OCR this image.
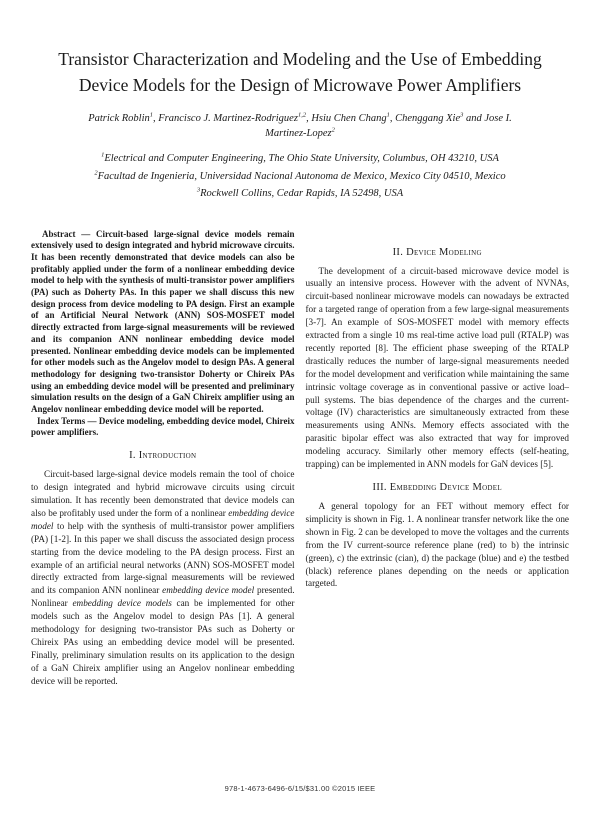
Transistor Characterization and Modeling and the Use of Embedding Device Models for the Design of Microwave Power Amplifiers
Patrick Roblin$^1$, Francisco J. Martinez-Rodriguez$^{1,2}$, Hsiu Chen Chang$^1$, Chenggang Xie$^3$ and Jose I. Martinez-Lopez$^2$
$^1$Electrical and Computer Engineering, The Ohio State University, Columbus, OH 43210, USA
$^2$Facultad de Ingenieria, Universidad Nacional Autonoma de Mexico, Mexico City 04510, Mexico
$^3$Rockwell Collins, Cedar Rapids, IA 52498, USA

Abstract — Circuit-based large-signal device models remain extensively used to design integrated and hybrid microwave circuits. It has been recently demonstrated that device models can also be profitably applied under the form of a nonlinear embedding device model to help with the synthesis of multi-transistor power amplifiers (PA) such as Doherty PAs. In this paper we shall discuss this new design process from device modeling to PA design. First an example of an Artificial Neural Network (ANN) SOS-MOSFET model directly extracted from large-signal measurements will be reviewed and its companion ANN nonlinear embedding device model presented. Nonlinear embedding device models can be implemented for other models such as the Angelov model to design PAs. A general methodology for designing two-transistor Doherty or Chireix PAs using an embedding device model will be presented and preliminary simulation results on the design of a GaN Chireix amplifier using an Angelov nonlinear embedding device model will be reported.

Index Terms — Device modeling, embedding device model, Chireix power amplifiers.

I. Introduction

Circuit-based large-signal device models remain the tool of choice to design integrated and hybrid microwave circuits using circuit simulation. It has recently been demonstrated that device models can also be profitably used under the form of a nonlinear embedding device model to help with the synthesis of multi-transistor power amplifiers (PA) [1-2]. In this paper we shall discuss the associated design process starting from the device modeling to the PA design process. First an example of an artificial neural networks (ANN) SOS-MOSFET model directly extracted from large-signal measurements will be reviewed and its companion ANN nonlinear embedding device model presented. Nonlinear embedding device models can be implemented for other models such as the Angelov model to design PAs [1]. A general methodology for designing two-transistor PAs such as Doherty or Chireix PAs using an embedding device model will be presented. Finally, preliminary simulation results on its application to the design of a GaN Chireix amplifier using an Angelov nonlinear embedding device will be reported.

II. Device Modeling

The development of a circuit-based microwave device model is usually an intensive process. However with the advent of NVNAs, circuit-based nonlinear microwave models can nowadays be extracted for a targeted range of operation from a few large-signal measurements [3-7]. An example of SOS-MOSFET model with memory effects extracted from a single 10 ms real-time active load pull (RTALP) was recently reported [8]. The efficient phase sweeping of the RTALP drastically reduces the number of large-signal measurements needed for the model development and verification while maintaining the same intrinsic voltage coverage as in conventional passive or active load–pull systems. The bias dependence of the charges and the current-voltage (IV) characteristics are simultaneously extracted from these measurements using ANNs. Memory effects associated with the parasitic bipolar effect was also extracted that way for improved modeling accuracy. Similarly other memory effects (self-heating, trapping) can be implemented in ANN models for GaN devices [5].

III. Embedding Device Model

A general topology for an FET without memory effect for simplicity is shown in Fig. 1. A nonlinear transfer network like the one shown in Fig. 2 can be developed to move the voltages and the currents from the IV current-source reference plane (red) to b) the intrinsic (green), c) the extrinsic (cian), d) the package (blue) and e) the testbed (black) reference planes depending on the needs or application targeted.

978-1-4673-6496-6/15/$31.00 ©2015 IEEE
